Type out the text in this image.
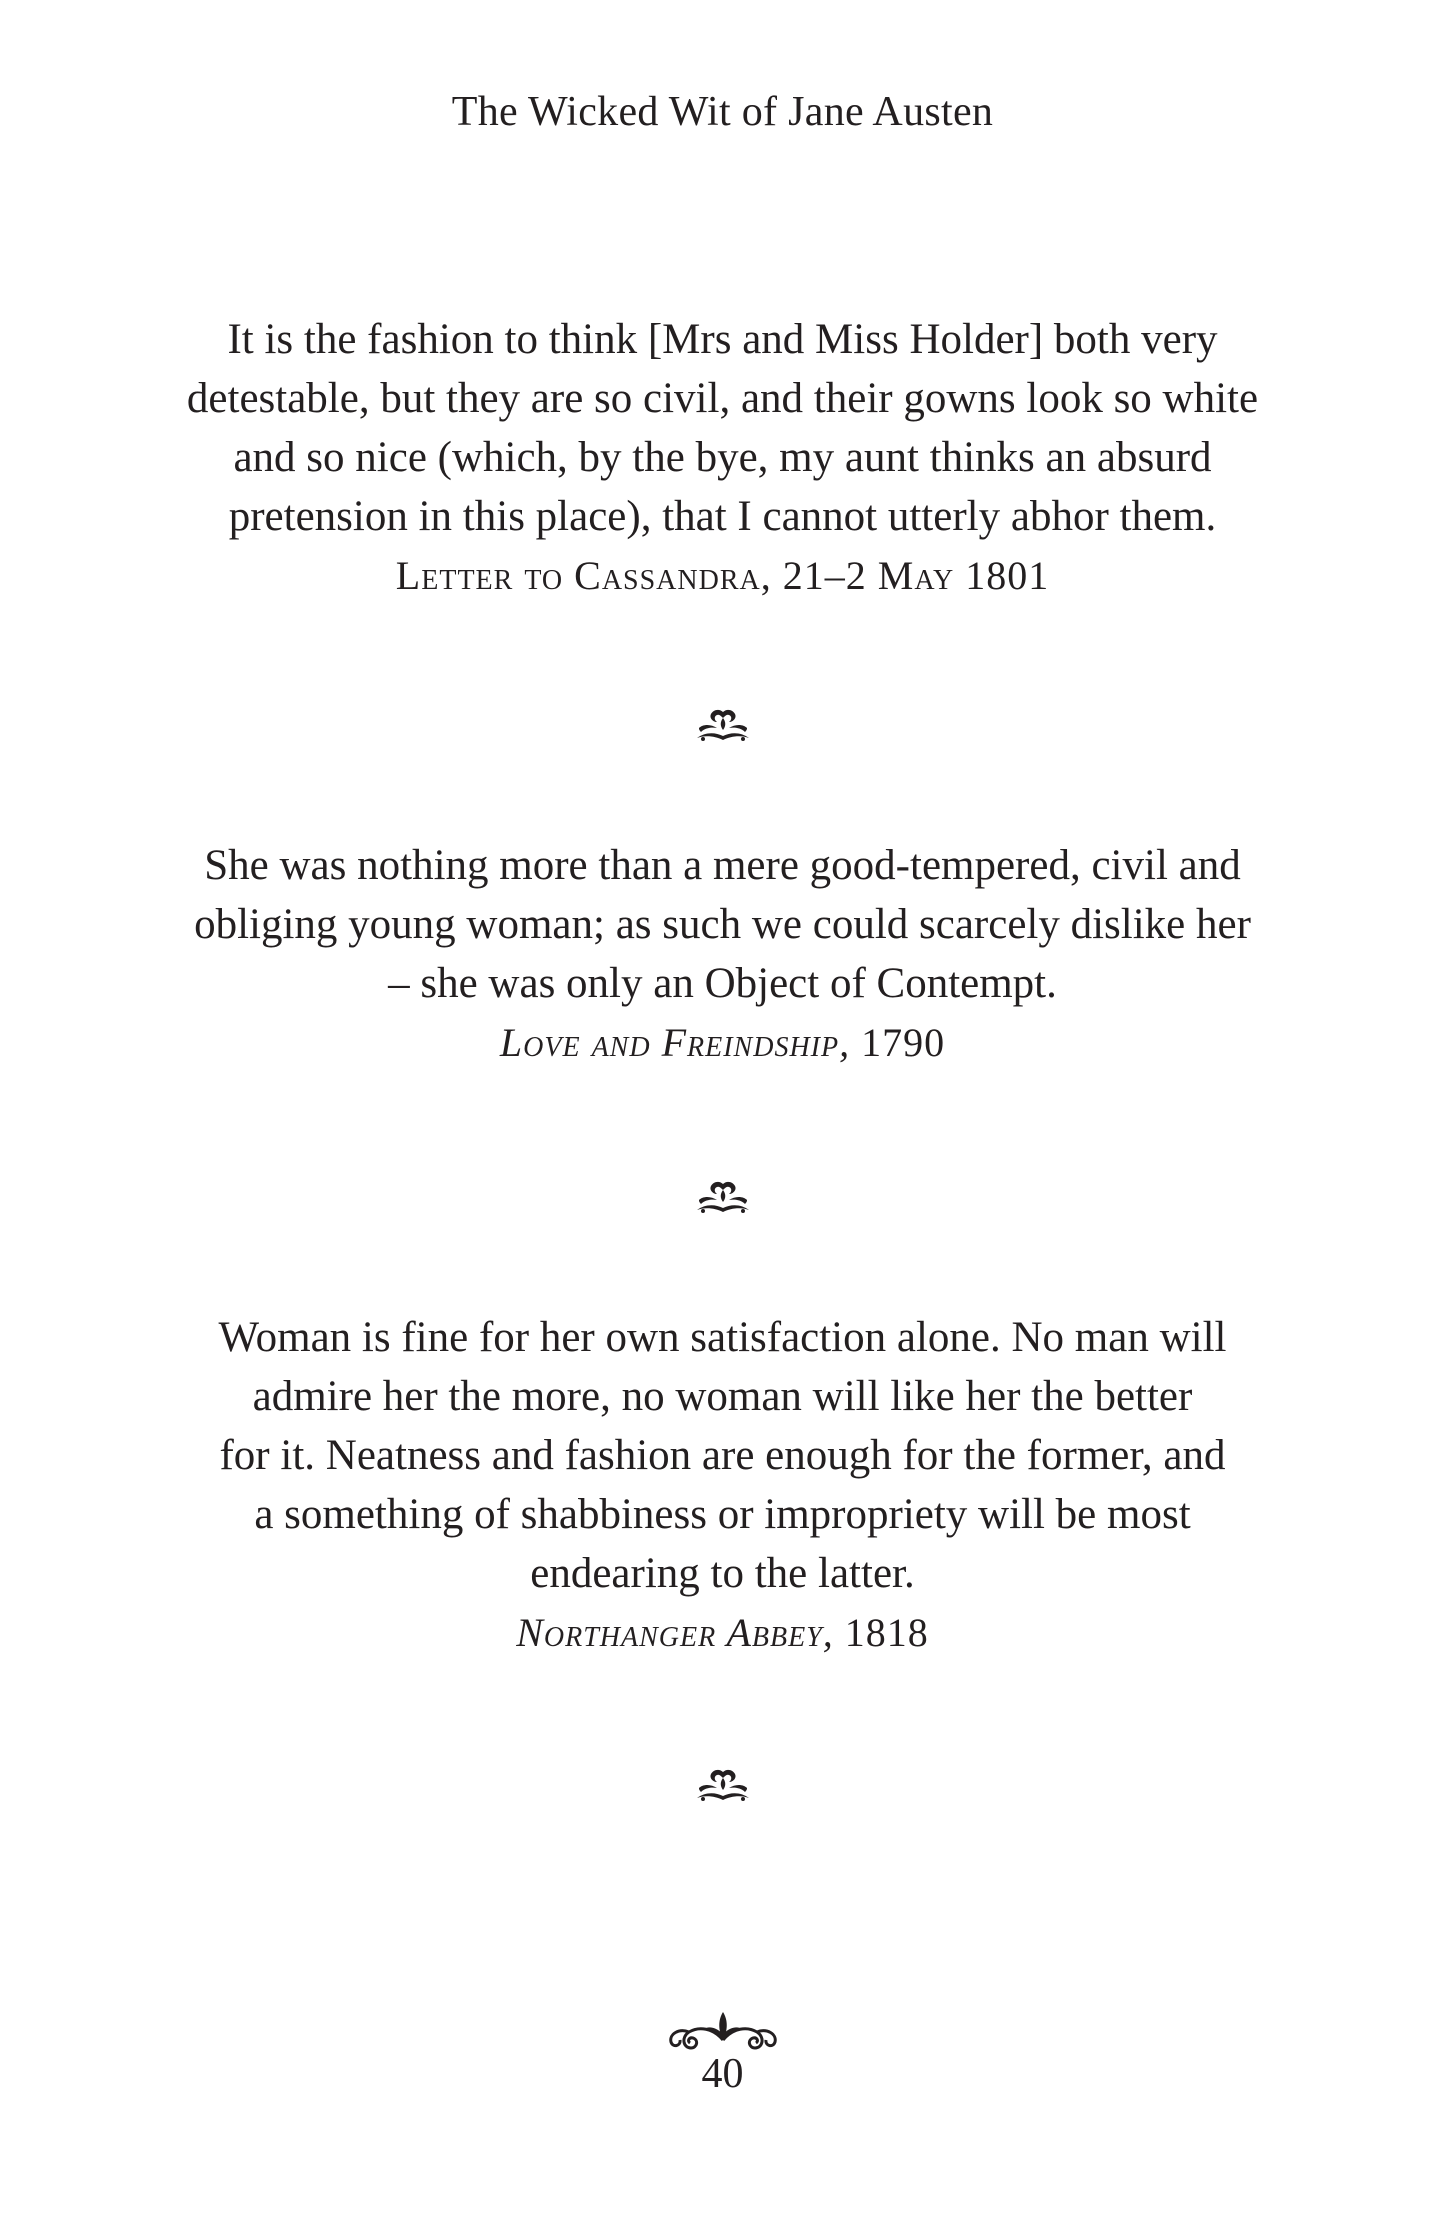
The Wicked Wit of Jane Austen
It is the fashion to think [Mrs and Miss Holder] both very
detestable, but they are so civil, and their gowns look so white
and so nice (which, by the bye, my aunt thinks an absurd
pretension in this place), that I cannot utterly abhor them.
Letter to Cassandra, 21–2 May 1801
She was nothing more than a mere good-tempered, civil and
obliging young woman; as such we could scarcely dislike her
– she was only an Object of Contempt.
Love and Freindship, 1790
Woman is fine for her own satisfaction alone. No man will
admire her the more, no woman will like her the better
for it. Neatness and fashion are enough for the former, and
a something of shabbiness or impropriety will be most
endearing to the latter.
Northanger Abbey, 1818
40
